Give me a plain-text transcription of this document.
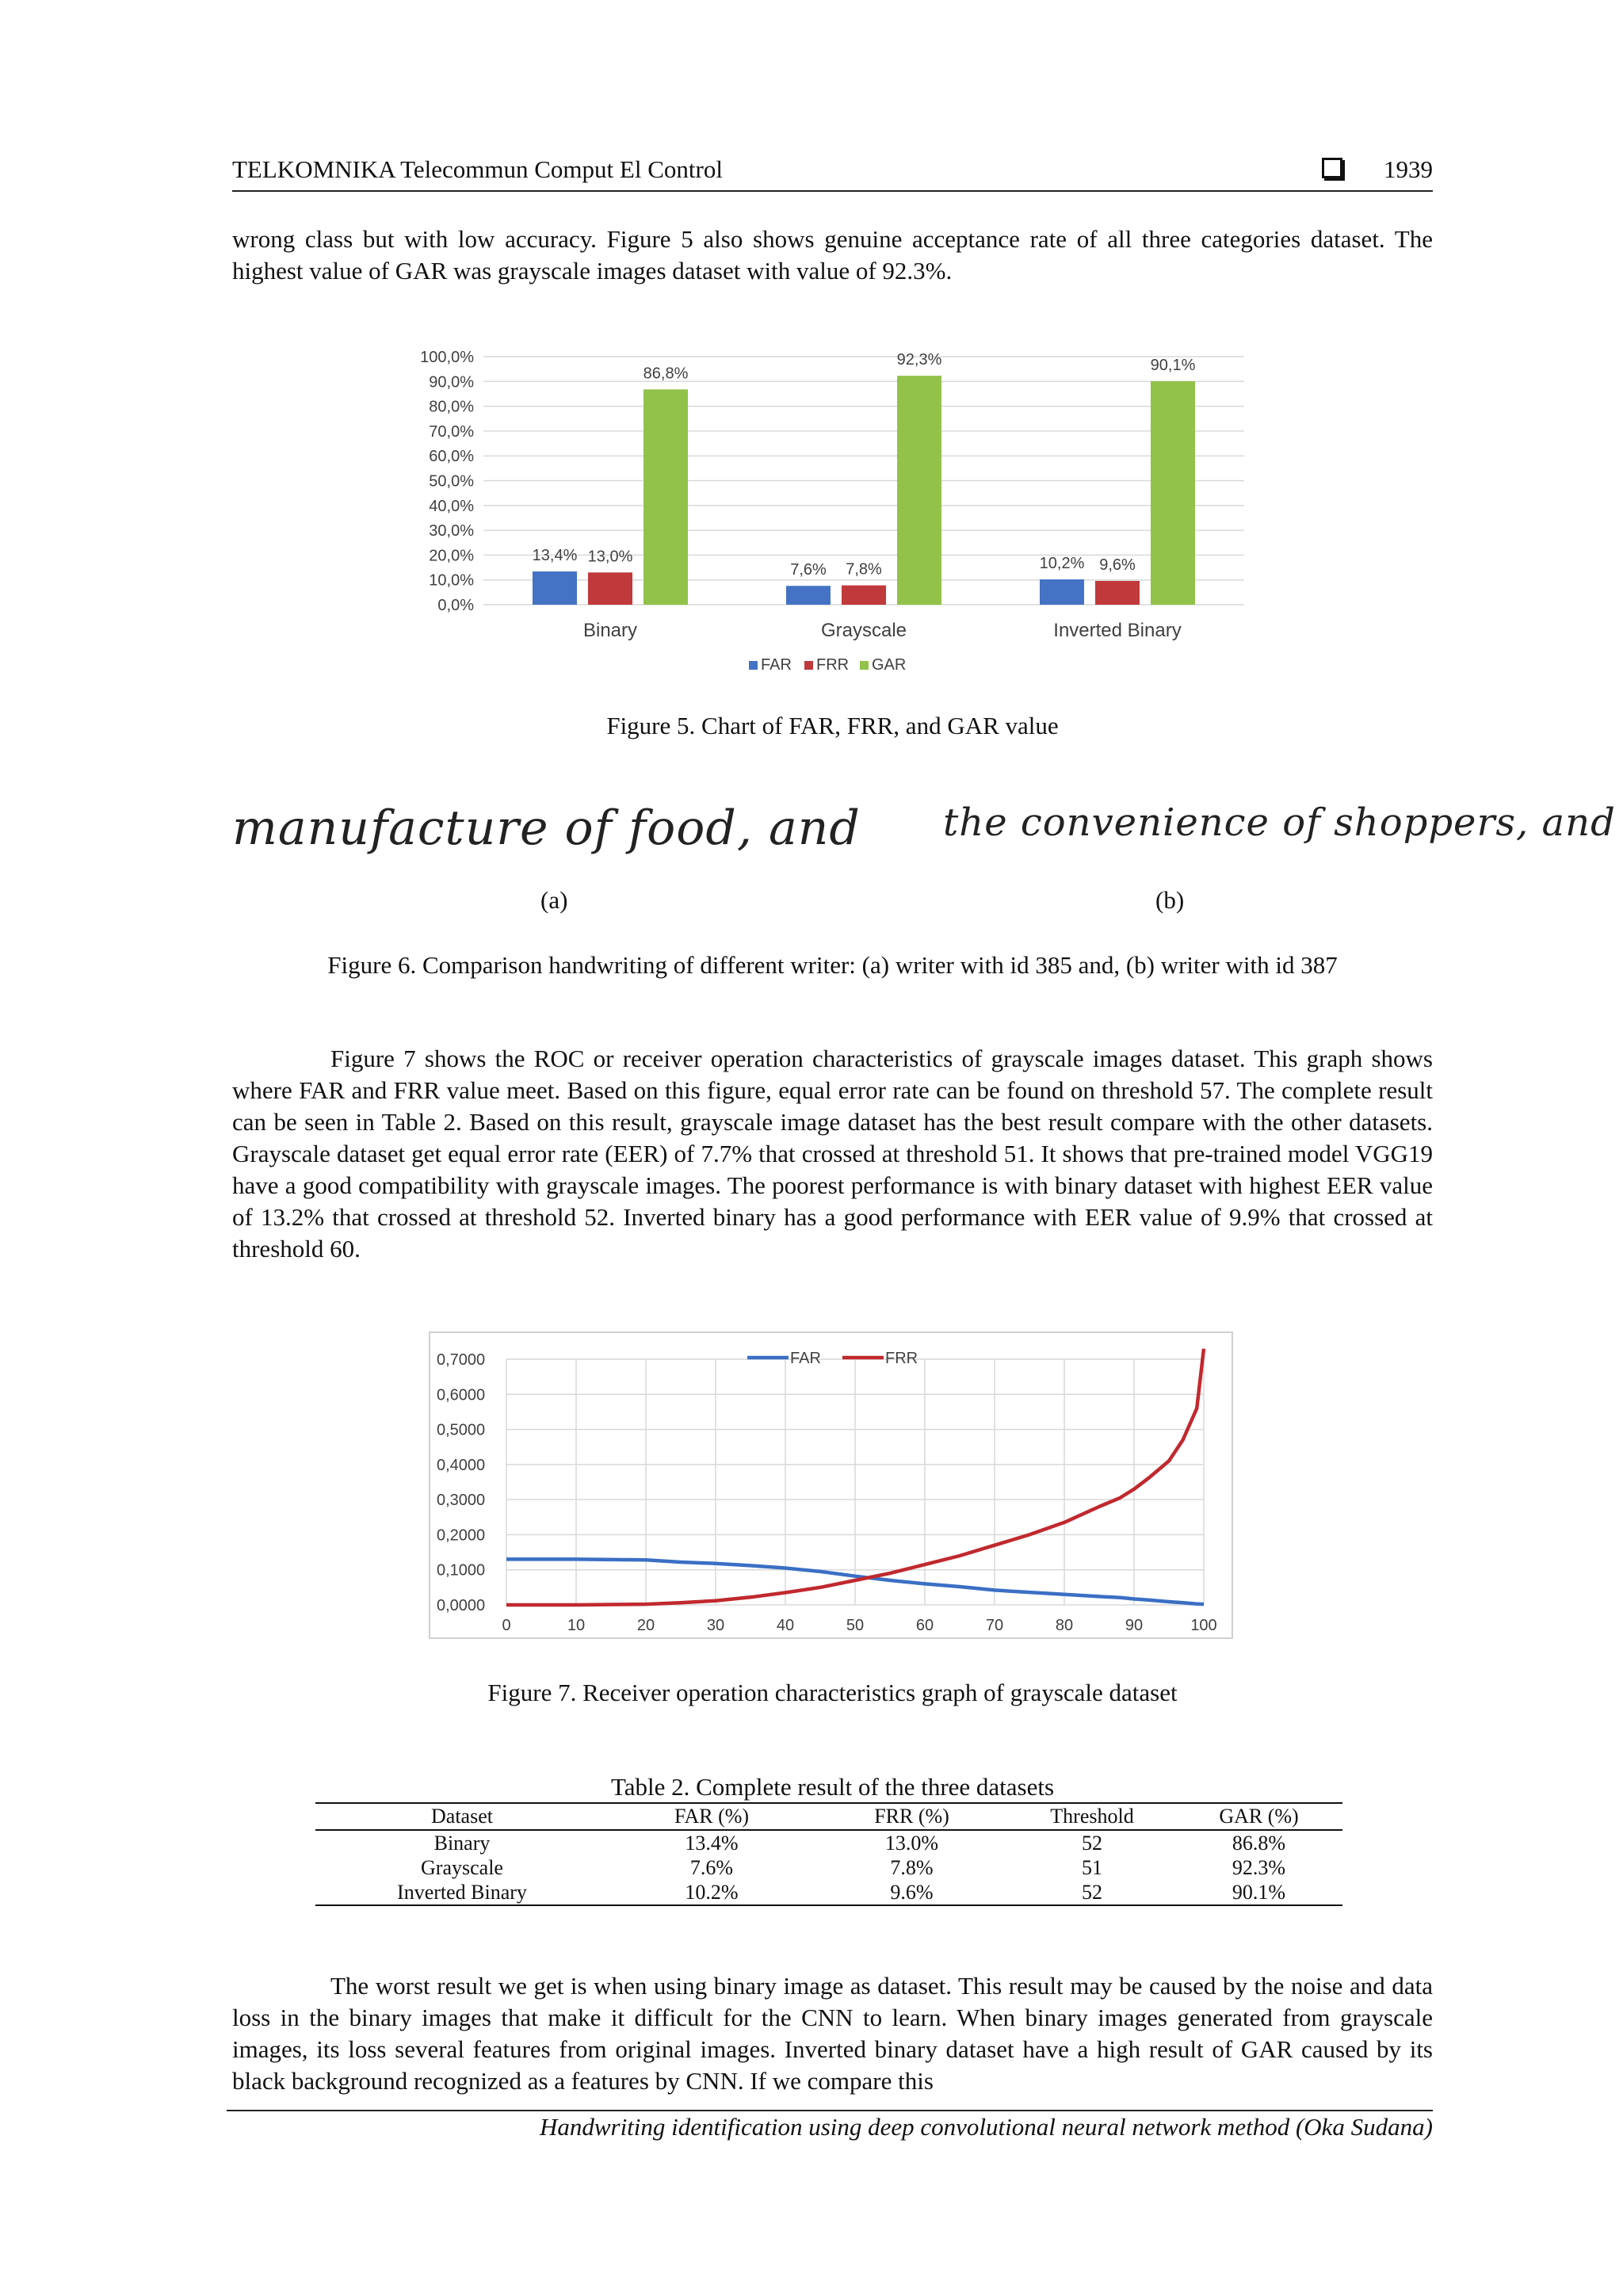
TELKOMNIKA Telecommun Comput El Control	1939
wrong class but with low accuracy. Figure 5 also shows genuine acceptance rate of all three categories dataset. The highest value of GAR was grayscale images dataset with value of 92.3%.
0,0%
10,0%
20,0%
30,0%
40,0%
50,0%
60,0%
70,0%
80,0%
90,0%
100,0%
13,4% 13,0%
86,8%
Binary
7,6% 7,8%
92,3%
Grayscale
10,2% 9,6%
90,1%
Inverted Binary
FAR FRR GAR
Figure 5. Chart of FAR, FRR, and GAR value
manufacture of food, and the convenience of shoppers, and
(a)	(b)
Figure 6. Comparison handwriting of different writer: (a) writer with id 385 and, (b) writer with id 387
Figure 7 shows the ROC or receiver operation characteristics of grayscale images dataset. This graph shows where FAR and FRR value meet. Based on this figure, equal error rate can be found on threshold 57. The complete result can be seen in Table 2. Based on this result, grayscale image dataset has the best result compare with the other datasets. Grayscale dataset get equal error rate (EER) of 7.7% that crossed at threshold 51. It shows that pre-trained model VGG19 have a good compatibility with grayscale images. The poorest performance is with binary dataset with highest EER value of 13.2% that crossed at threshold 52. Inverted binary has a good performance with EER value of 9.9% that crossed at threshold 60.
0,0000
0,1000
0,2000
0,3000
0,4000
0,5000
0,6000
0,7000
0	10	20	30	40	50	60	70	80	90	100
FAR	FRR
Figure 7. Receiver operation characteristics graph of grayscale dataset
Table 2. Complete result of the three datasets
Dataset	FAR (%)	FRR (%)	Threshold	GAR (%)
Binary	13.4%	13.0%	52	86.8%
Grayscale	7.6%	7.8%	51	92.3%
Inverted Binary	10.2%	9.6%	52	90.1%
The worst result we get is when using binary image as dataset. This result may be caused by the noise and data loss in the binary images that make it difficult for the CNN to learn. When binary images generated from grayscale images, its loss several features from original images. Inverted binary dataset have a high result of GAR caused by its black background recognized as a features by CNN. If we compare this
Handwriting identification using deep convolutional neural network method (Oka Sudana)
